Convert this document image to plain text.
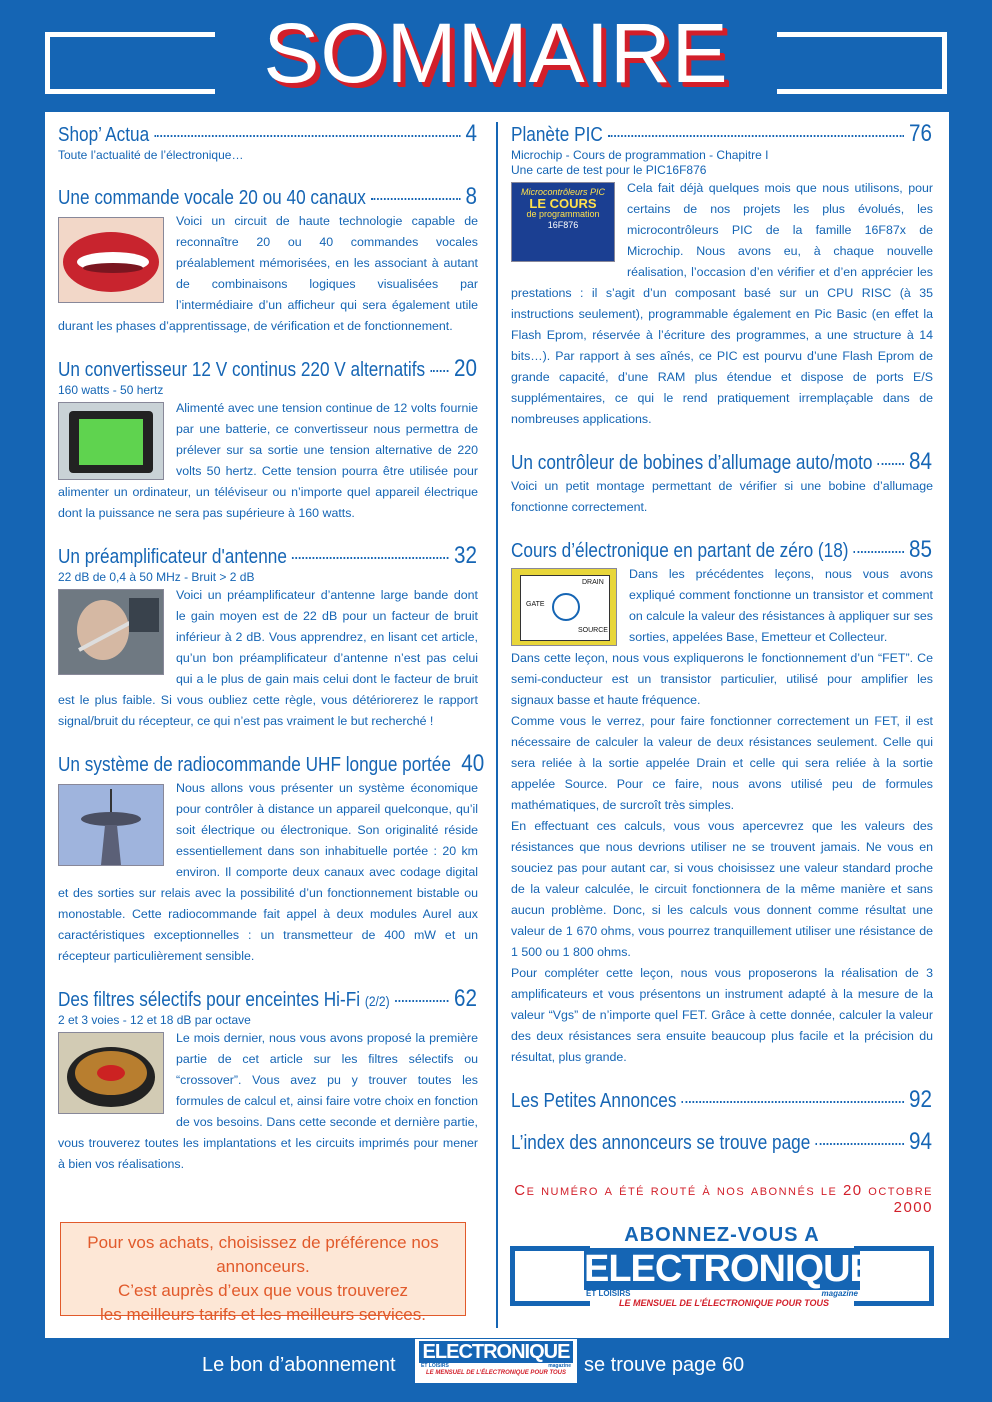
SOMMAIRE
Shop’ Actua	4
Toute l’actualité de l’électronique…
Une commande vocale 20 ou 40 canaux	8
Voici un circuit de haute technologie capable de reconnaître 20 ou 40 commandes vocales préalablement mémorisées, en les associant à autant de combinaisons logiques visualisées par l’intermédiaire d’un afficheur qui sera également utile durant les phases d’apprentissage, de vérification et de fonctionnement.
Un convertisseur 12 V continus 220 V alternatifs 20
160 watts - 50 hertz
Alimenté avec une tension continue de 12 volts fournie par une batterie, ce convertisseur nous permettra de prélever sur sa sortie une tension alternative de 220 volts 50 hertz. Cette tension pourra être utilisée pour alimenter un ordinateur, un téléviseur ou n’importe quel appareil électrique dont la puissance ne sera pas supérieure à 160 watts.
Un préamplificateur d'antenne	32
22 dB de 0,4 à 50 MHz - Bruit > 2 dB
Voici un préamplificateur d’antenne large bande dont le gain moyen est de 22 dB pour un facteur de bruit inférieur à 2 dB. Vous apprendrez, en lisant cet article, qu’un bon préamplificateur d’antenne n’est pas celui qui a le plus de gain mais celui dont le facteur de bruit est le plus faible. Si vous oubliez cette règle, vous détériorerez le rapport signal/bruit du récepteur, ce qui n’est pas vraiment le but recherché !
Un système de radiocommande UHF longue portée 40
Nous allons vous présenter un système économique pour contrôler à distance un appareil quelconque, qu’il soit électrique ou électronique. Son originalité réside essentiellement dans son inhabituelle portée : 20 km environ. Il comporte deux canaux avec codage digital et des sorties sur relais avec la possibilité d’un fonctionnement bistable ou monostable. Cette radiocommande fait appel à deux modules Aurel aux caractéristiques exceptionnelles : un transmetteur de 400 mW et un récepteur particulièrement sensible.
Des filtres sélectifs pour enceintes Hi-Fi (2/2)	62
2 et 3 voies - 12 et 18 dB par octave
Le mois dernier, nous vous avons proposé la première partie de cet article sur les filtres sélectifs ou “crossover”. Vous avez pu y trouver toutes les formules de calcul et, ainsi faire votre choix en fonction de vos besoins. Dans cette seconde et dernière partie, vous trouverez toutes les implantations et les circuits imprimés pour mener à bien vos réalisations.
Pour vos achats, choisissez de préférence nos annonceurs.
C’est auprès d’eux que vous trouverez
les meilleurs tarifs et les meilleurs services.
Planète PIC	76
Microchip - Cours de programmation - Chapitre I
Une carte de test pour le PIC16F876
Microcontrôleurs PIC
LE COURS
de programmation
16F876
Cela fait déjà quelques mois que nous utilisons, pour certains de nos projets les plus évolués, les microcontrôleurs PIC de la famille 16F87x de Microchip. Nous avons eu, à chaque nouvelle réalisation, l’occasion d’en vérifier et d’en apprécier les prestations : il s’agit d’un composant basé sur un CPU RISC (à 35 instructions seulement), programmable également en Pic Basic (en effet la Flash Eprom, réservée à l’écriture des programmes, a une structure à 14 bits…). Par rapport à ses aînés, ce PIC est pourvu d’une Flash Eprom de grande capacité, d’une RAM plus étendue et dispose de ports E/S supplémentaires, ce qui le rend pratiquement irremplaçable dans de nombreuses applications.
Un contrôleur de bobines d’allumage auto/moto 84
Voici un petit montage permettant de vérifier si une bobine d’allumage fonctionne correctement.
Cours d’électronique en partant de zéro (18)	85
DRAIN
GATE
SOURCE
Dans les précédentes leçons, nous vous avons expliqué comment fonctionne un transistor et comment on calcule la valeur des résistances à appliquer sur ses sorties, appelées Base, Emetteur et Collecteur.
Dans cette leçon, nous vous expliquerons le fonctionnement d’un “FET”. Ce semi-conducteur est un transistor particulier, utilisé pour amplifier les signaux basse et haute fréquence.
Comme vous le verrez, pour faire fonctionner correctement un FET, il est nécessaire de calculer la valeur de deux résistances seulement. Celle qui sera reliée à la sortie appelée Drain et celle qui sera reliée à la sortie appelée Source. Pour ce faire, nous avons utilisé peu de formules mathématiques, de surcroît très simples.
En effectuant ces calculs, vous vous apercevrez que les valeurs des résistances que nous devrions utiliser ne se trouvent jamais. Ne vous en souciez pas pour autant car, si vous choisissez une valeur standard proche de la valeur calculée, le circuit fonctionnera de la même manière et sans aucun problème. Donc, si les calculs vous donnent comme résultat une valeur de 1 670 ohms, vous pourrez tranquillement utiliser une résistance de 1 500 ou 1 800 ohms.
Pour compléter cette leçon, nous vous proposerons la réalisation de 3 amplificateurs et vous présentons un instrument adapté à la mesure de la valeur “Vgs” de n’importe quel FET. Grâce à cette donnée, calculer la valeur des deux résistances sera ensuite beaucoup plus facile et la précision du résultat, plus grande.
Les Petites Annonces	92
L’index des annonceurs se trouve page	94
Ce numéro a été routé à nos abonnés le 20 octobre 2000
ABONNEZ-VOUS A
ELECTRONIQUE
ET LOISIRS	magazine
LE MENSUEL DE L’ÉLECTRONIQUE POUR TOUS
Le bon d’abonnement
ELECTRONIQUE
ET LOISIRS	magazine
LE MENSUEL DE L’ÉLECTRONIQUE POUR TOUS se trouve page 60
